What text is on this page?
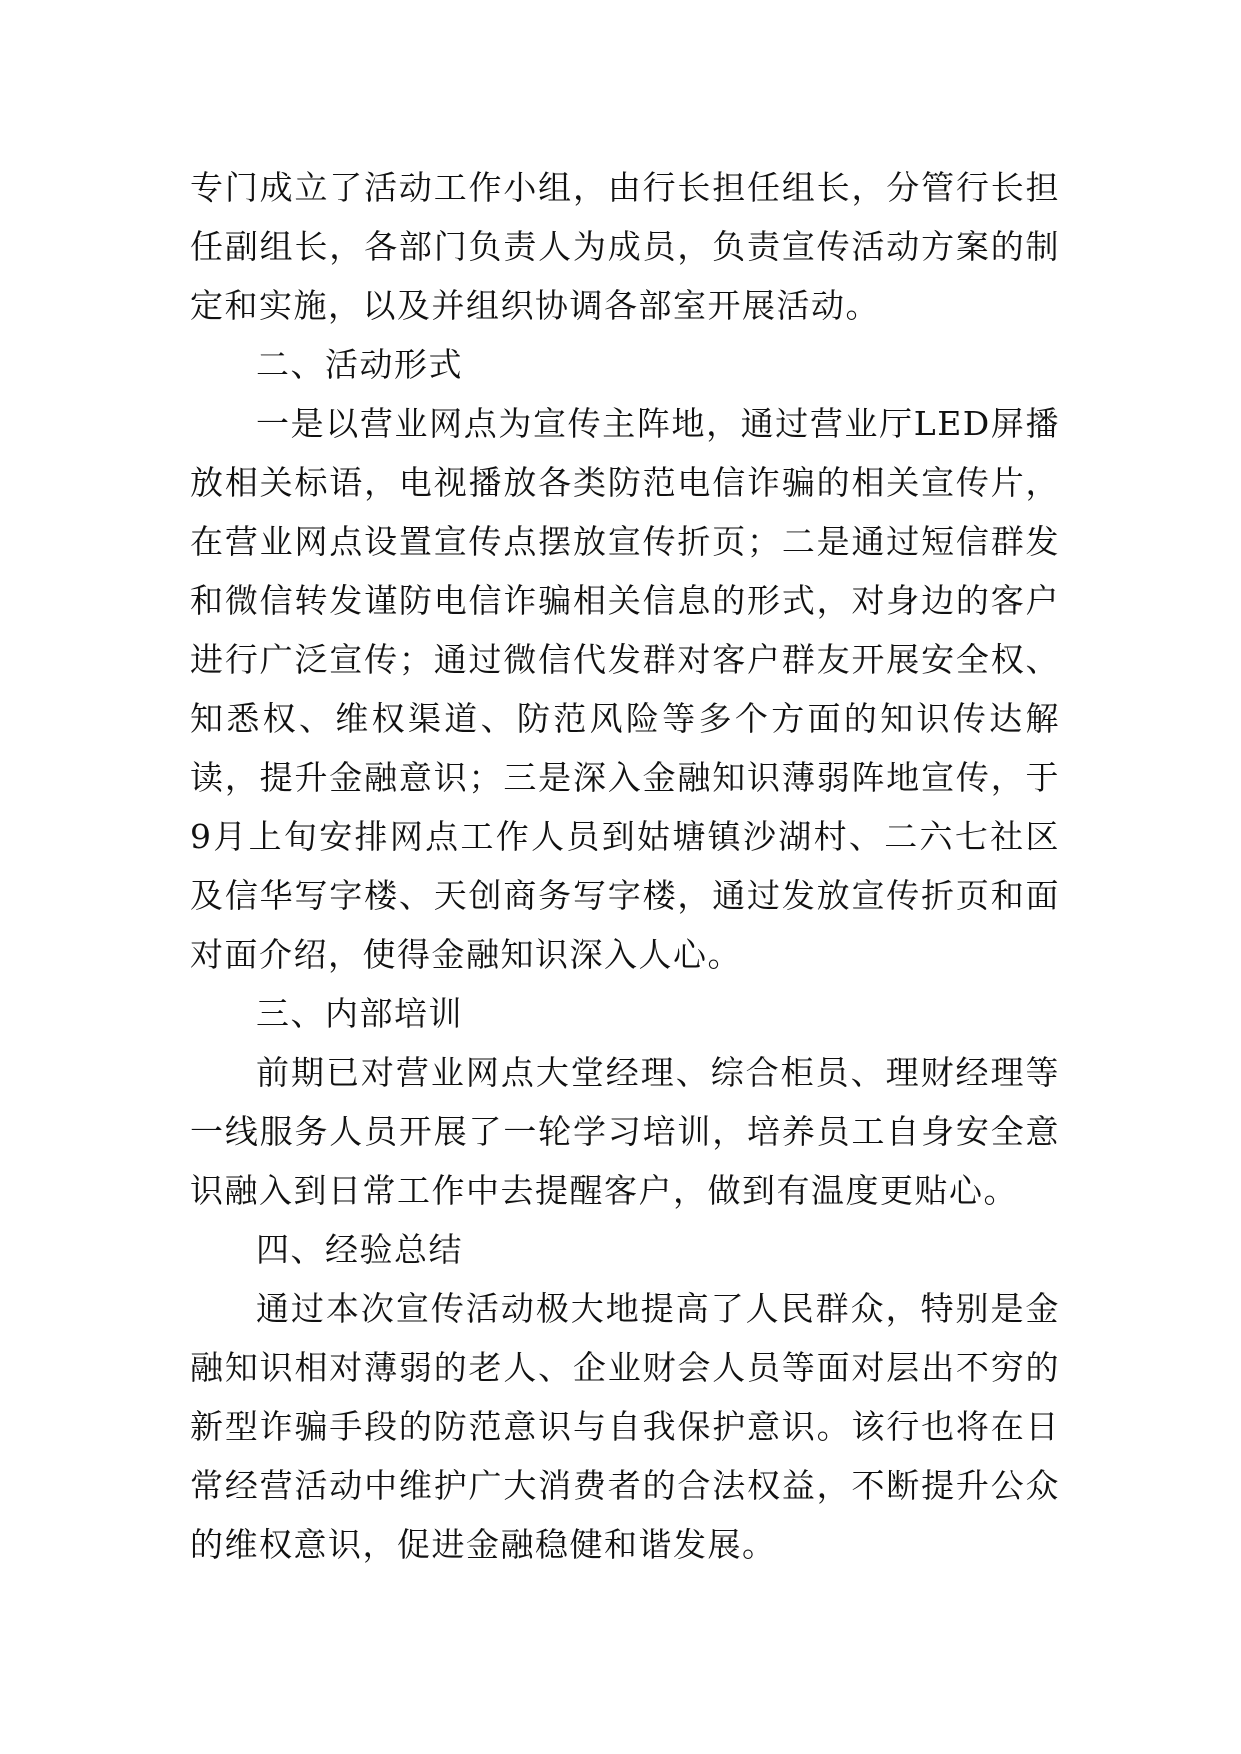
专门成立了活动工作小组，由行长担任组长，分管行长担任副组长，各部门负责人为成员，负责宣传活动方案的制定和实施，以及并组织协调各部室开展活动。

二、活动形式

一是以营业网点为宣传主阵地，通过营业厅LED屏播放相关标语，电视播放各类防范电信诈骗的相关宣传片，在营业网点设置宣传点摆放宣传折页；二是通过短信群发和微信转发谨防电信诈骗相关信息的形式，对身边的客户进行广泛宣传；通过微信代发群对客户群友开展安全权、知悉权、维权渠道、防范风险等多个方面的知识传达解读，提升金融意识；三是深入金融知识薄弱阵地宣传，于9月上旬安排网点工作人员到姑塘镇沙湖村、二六七社区及信华写字楼、天创商务写字楼，通过发放宣传折页和面对面介绍，使得金融知识深入人心。

三、内部培训

前期已对营业网点大堂经理、综合柜员、理财经理等一线服务人员开展了一轮学习培训，培养员工自身安全意识融入到日常工作中去提醒客户，做到有温度更贴心。

四、经验总结

通过本次宣传活动极大地提高了人民群众，特别是金融知识相对薄弱的老人、企业财会人员等面对层出不穷的新型诈骗手段的防范意识与自我保护意识。该行也将在日常经营活动中维护广大消费者的合法权益，不断提升公众的维权意识，促进金融稳健和谐发展。
